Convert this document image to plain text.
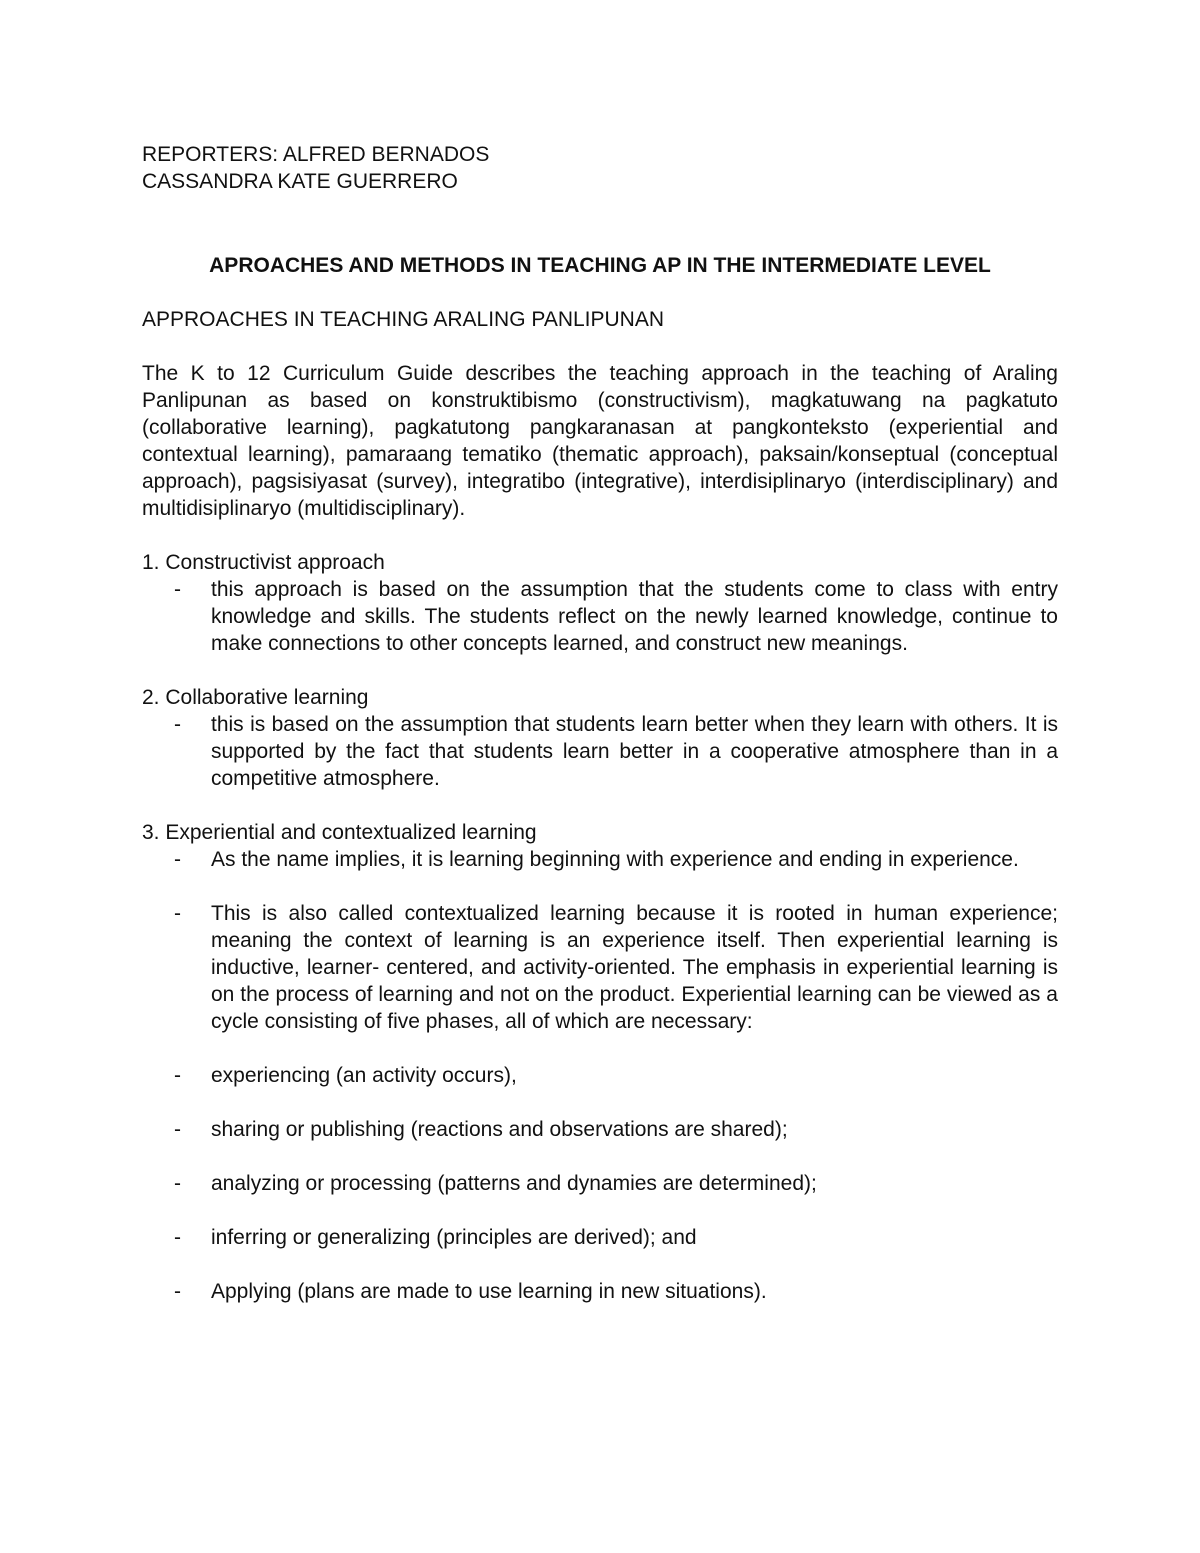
REPORTERS: ALFRED BERNADOS

CASSANDRA KATE GUERRERO

APROACHES AND METHODS IN TEACHING AP IN THE INTERMEDIATE LEVEL

APPROACHES IN TEACHING ARALING PANLIPUNAN

The K to 12 Curriculum Guide describes the teaching approach in the teaching of Araling Panlipunan as based on konstruktibismo (constructivism), magkatuwang na pagkatuto (collaborative learning), pagkatutong pangkaranasan at pangkonteksto (experiential and contextual learning), pamaraang tematiko (thematic approach), paksain/konseptual (conceptual approach), pagsisiyasat (survey), integratibo (integrative), interdisiplinaryo (interdisciplinary) and multidisiplinaryo (multidisciplinary).

1. Constructivist approach

- this approach is based on the assumption that the students come to class with entry knowledge and skills. The students reflect on the newly learned knowledge, continue to make connections to other concepts learned, and construct new meanings.

2. Collaborative learning

- this is based on the assumption that students learn better when they learn with others. It is supported by the fact that students learn better in a cooperative atmosphere than in a competitive atmosphere.

3. Experiential and contextualized learning

- As the name implies, it is learning beginning with experience and ending in experience.
- This is also called contextualized learning because it is rooted in human experience; meaning the context of learning is an experience itself. Then experiential learning is inductive, learner- centered, and activity-oriented. The emphasis in experiential learning is on the process of learning and not on the product. Experiential learning can be viewed as a cycle consisting of five phases, all of which are necessary:
- experiencing (an activity occurs),
- sharing or publishing (reactions and observations are shared);
- analyzing or processing (patterns and dynamies are determined);
- inferring or generalizing (principles are derived); and
- Applying (plans are made to use learning in new situations).
